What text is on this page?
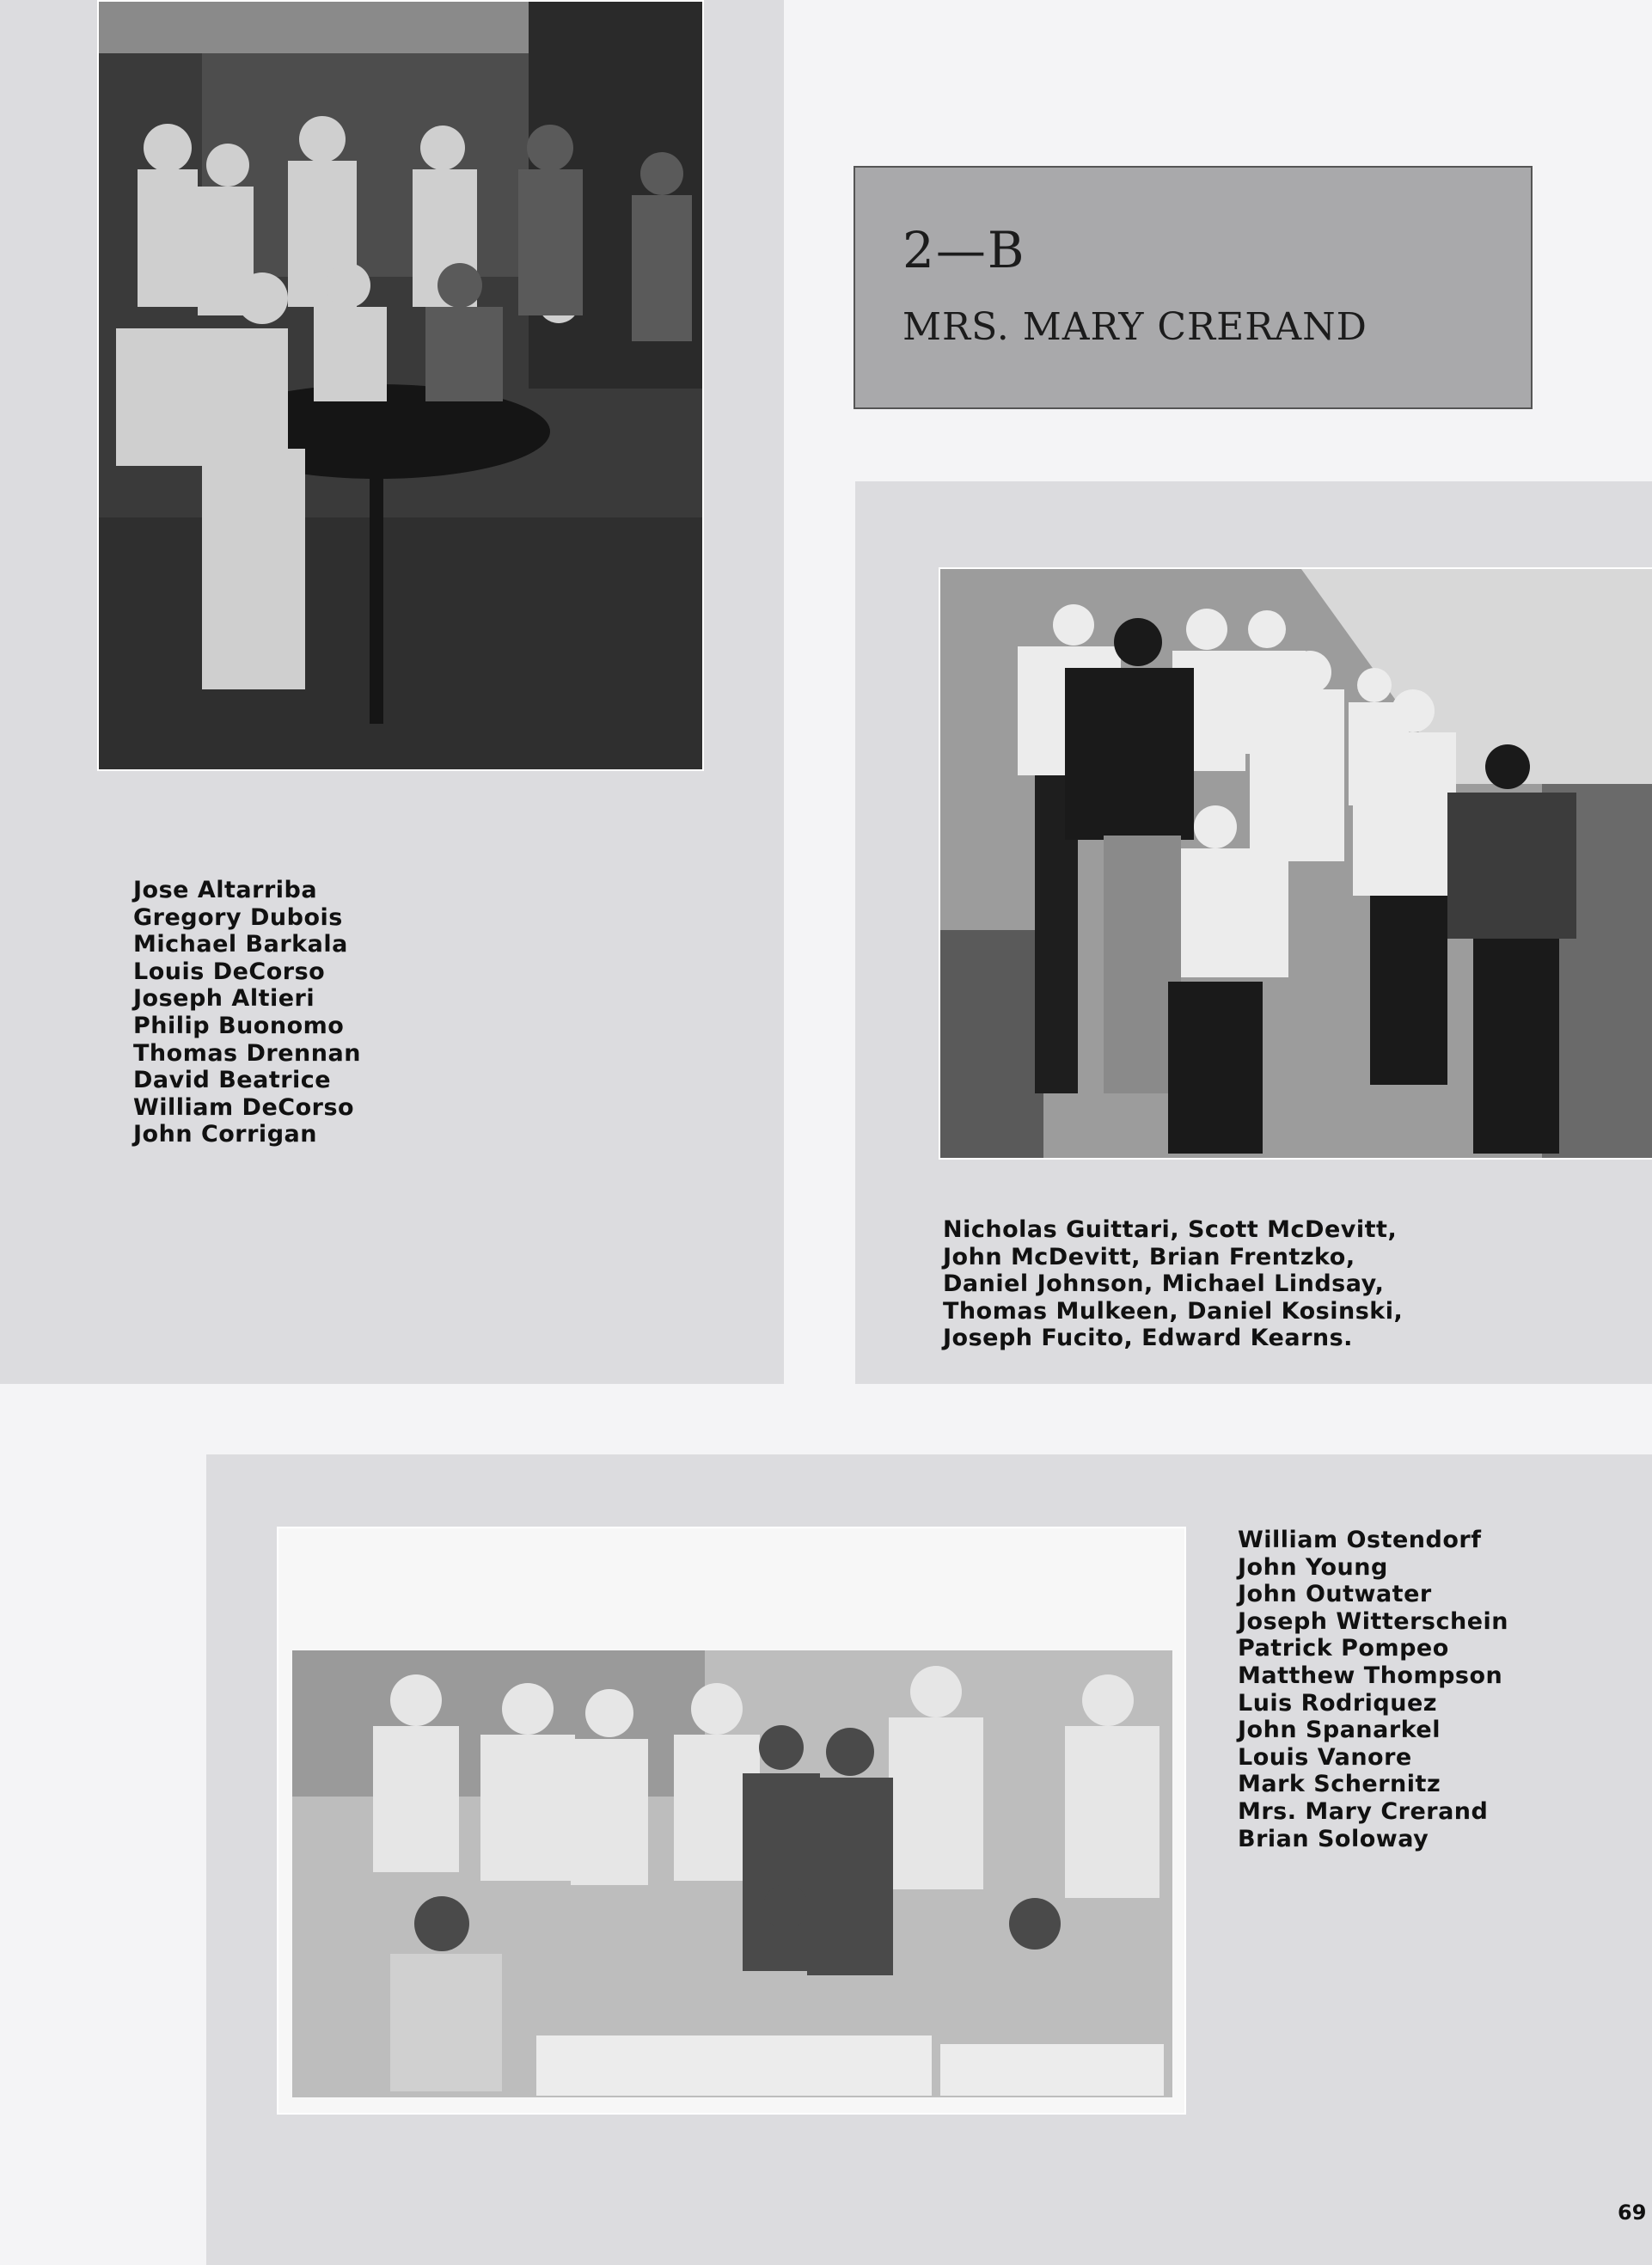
Jose Altarriba
Gregory Dubois
Michael Barkala
Louis DeCorso
Joseph Altieri
Philip Buonomo
Thomas Drennan
David Beatrice
William DeCorso
John Corrigan
2—B
MRS. MARY CRERAND
Nicholas Guittari, Scott McDevitt,
John McDevitt, Brian Frentzko,
Daniel Johnson, Michael Lindsay,
Thomas Mulkeen, Daniel Kosinski,
Joseph Fucito, Edward Kearns.
William Ostendorf
John Young
John Outwater
Joseph Witterschein
Patrick Pompeo
Matthew Thompson
Luis Rodriquez
John Spanarkel
Louis Vanore
Mark Schernitz
Mrs. Mary Crerand
Brian Soloway
69
